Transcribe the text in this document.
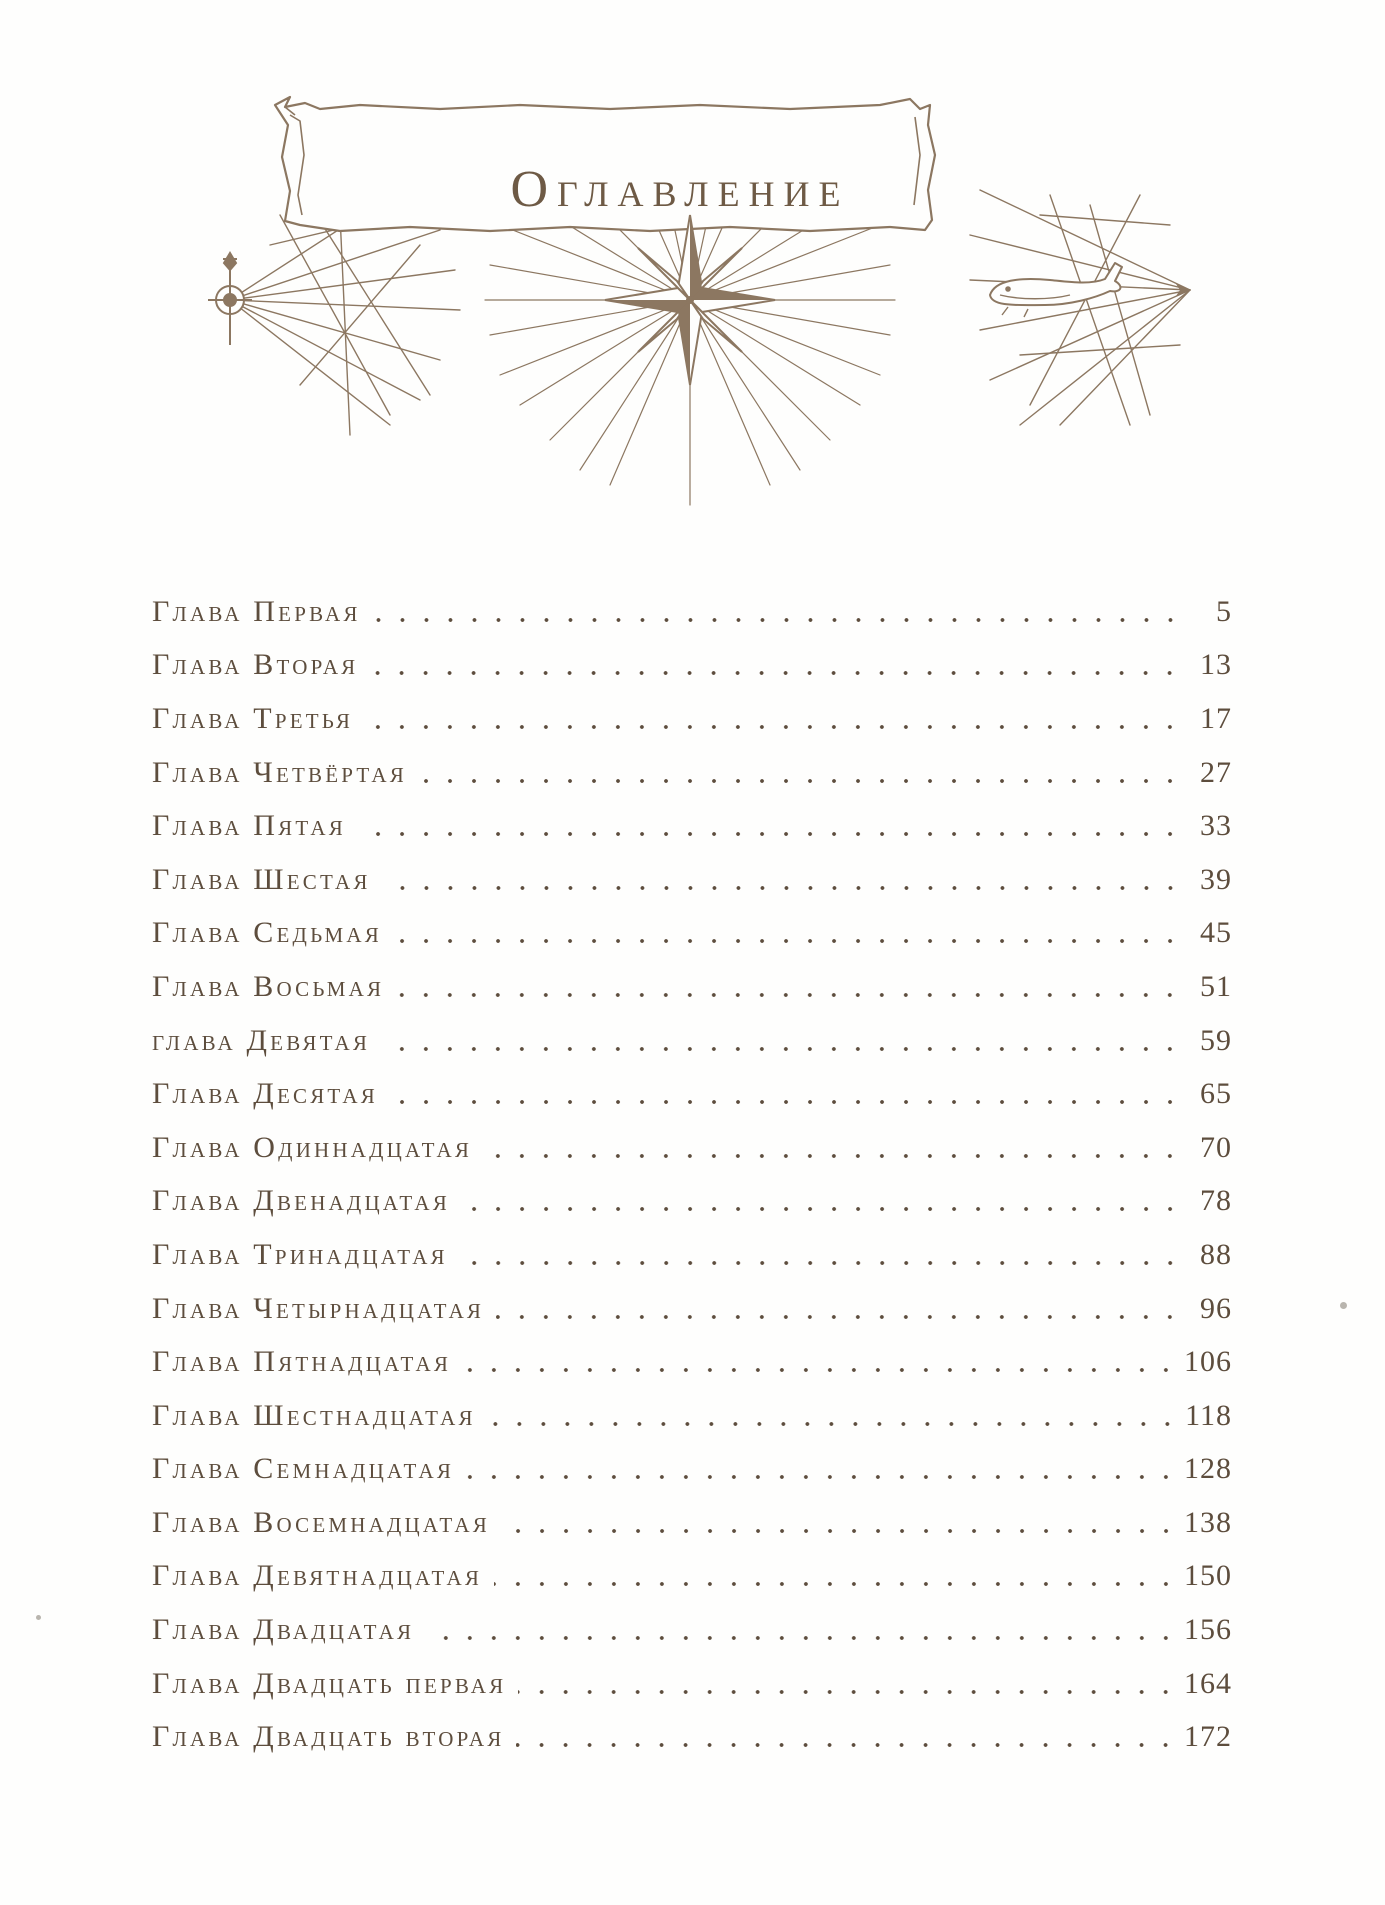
Оглавление
Глава Первая	5
Глава Вторая	13
Глава Третья	17
Глава Четвёртая	27
Глава Пятая	33
Глава Шестая	39
Глава Седьмая	45
Глава Восьмая	51
глава Девятая	59
Глава Десятая	65
Глава Одиннадцатая	70
Глава Двенадцатая	78
Глава Тринадцатая	88
Глава Четырнадцатая	96
Глава Пятнадцатая	106
Глава Шестнадцатая	118
Глава Семнадцатая	128
Глава Восемнадцатая	138
Глава Девятнадцатая	150
Глава Двадцатая	156
Глава Двадцать первая	164
Глава Двадцать вторая	172
